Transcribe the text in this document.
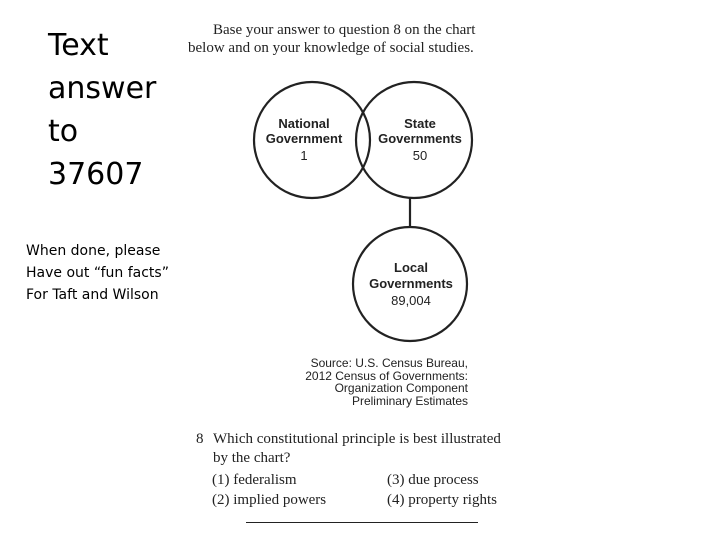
Text
answer
to
37607
When done, please
Have out “fun facts”
For Taft and Wilson
Base your answer to question 8 on the chart
below and on your knowledge of social studies.
National
Government
State
Governments
Local
Governments
1	50
89,004
Source: U.S. Census Bureau,
2012 Census of Governments:
Organization Component
Preliminary Estimates
8 Which constitutional principle is best illustrated
by the chart?
(1) federalism	(3) due process
(2) implied powers	(4) property rights
